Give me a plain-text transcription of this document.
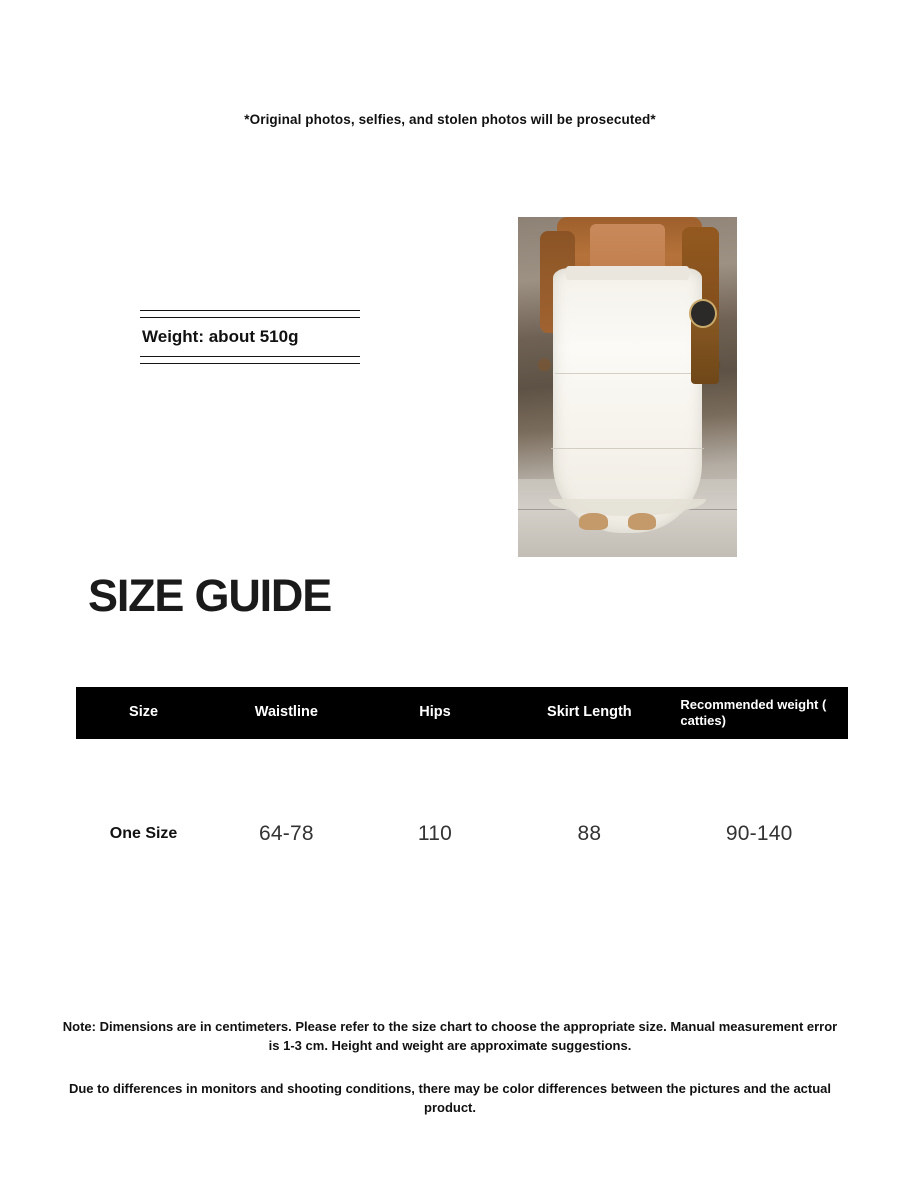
*Original photos, selfies, and stolen photos will be prosecuted*
Weight: about 510g
SIZE GUIDE
Size	Waistline	Hips	Skirt Length	Recommended weight ( catties)
One Size	64-78	110	88	90-140
Note: Dimensions are in centimeters. Please refer to the size chart to choose the appropriate size. Manual measurement error is 1-3 cm. Height and weight are approximate suggestions.
Due to differences in monitors and shooting conditions, there may be color differences between the pictures and the actual product.
